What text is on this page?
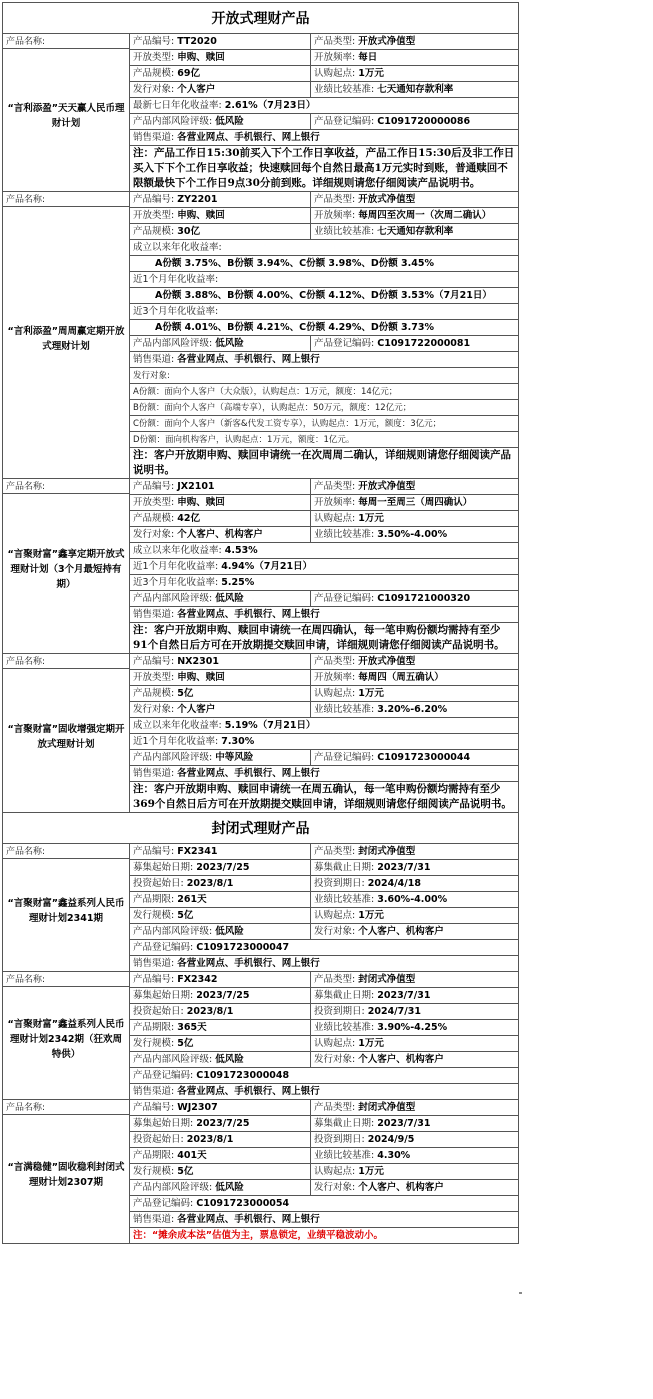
开放式理财产品		

产品名称:
“言利添盈”天天赢人民币理财计划	产品编号: TT2020	产品类型: 开放式净值型
	开放类型: 申购、赎回	开放频率: 每日
	产品规模: 69亿	认购起点: 1万元
	发行对象: 个人客户	业绩比较基准: 七天通知存款利率
	最新七日年化收益率: 2.61%（7月23日）	
	产品内部风险评级: 低风险	产品登记编码: C1091720000086
	销售渠道: 各营业网点、手机银行、网上银行	
	注：产品工作日15:30前买入下个工作日享收益，产品工作日15:30后及非工作日买入下下个工作日享收益；快速赎回每个自然日最高1万元实时到账，普通赎回不限额最快下个工作日9点30分前到账。详细规则请您仔细阅读产品说明书。	

产品名称:
“言利添盈”周周赢定期开放式理财计划	产品编号: ZY2201	产品类型: 开放式净值型
	开放类型: 申购、赎回	开放频率: 每周四至次周一（次周二确认）
	产品规模: 30亿	业绩比较基准: 七天通知存款利率
	成立以来年化收益率:	
	A份额 3.75%、B份额 3.94%、C份额 3.98%、D份额 3.45%	
	近1个月年化收益率:	
	A份额 3.88%、B份额 4.00%、C份额 4.12%、D份额 3.53%（7月21日）	
	近3个月年化收益率:	
	A份额 4.01%、B份额 4.21%、C份额 4.29%、D份额 3.73%	
	产品内部风险评级: 低风险	产品登记编码: C1091722000081
	销售渠道: 各营业网点、手机银行、网上银行	
	发行对象:	
	A份额：面向个人客户（大众版），认购起点：1万元，额度：14亿元；	
	B份额：面向个人客户（高端专享），认购起点：50万元，额度：12亿元；	
	C份额：面向个人客户（新客&代发工资专享），认购起点：1万元，额度：3亿元；	
	D份额：面向机构客户，认购起点：1万元，额度：1亿元。	
	注：客户开放期申购、赎回申请统一在次周周二确认，详细规则请您仔细阅读产品说明书。	

产品名称:
“言聚财富”鑫享定期开放式理财计划（3个月最短持有期）	产品编号: JX2101	产品类型: 开放式净值型
	开放类型: 申购、赎回	开放频率: 每周一至周三（周四确认）
	产品规模: 42亿	认购起点: 1万元
	发行对象: 个人客户、机构客户	业绩比较基准: 3.50%-4.00%
	成立以来年化收益率: 4.53%	
	近1个月年化收益率: 4.94%（7月21日）	
	近3个月年化收益率: 5.25%	
	产品内部风险评级: 低风险	产品登记编码: C1091721000320
	销售渠道: 各营业网点、手机银行、网上银行	
	注：客户开放期申购、赎回申请统一在周四确认，每一笔申购份额均需持有至少91个自然日后方可在开放期提交赎回申请，详细规则请您仔细阅读产品说明书。	

产品名称:
“言聚财富”固收增强定期开放式理财计划	产品编号: NX2301	产品类型: 开放式净值型
	开放类型: 申购、赎回	开放频率: 每周四（周五确认）
	产品规模: 5亿	认购起点: 1万元
	发行对象: 个人客户	业绩比较基准: 3.20%-6.20%
	成立以来年化收益率: 5.19%（7月21日）	
	近1个月年化收益率: 7.30%	
	产品内部风险评级: 中等风险	产品登记编码: C1091723000044
	销售渠道: 各营业网点、手机银行、网上银行	
	注：客户开放期申购、赎回申请统一在周五确认，每一笔申购份额均需持有至少369个自然日后方可在开放期提交赎回申请，详细规则请您仔细阅读产品说明书。	
封闭式理财产品		

产品名称:
“言聚财富”鑫益系列人民币理财计划2341期	产品编号: FX2341	产品类型: 封闭式净值型
	募集起始日期: 2023/7/25	募集截止日期: 2023/7/31
	投资起始日: 2023/8/1	投资到期日: 2024/4/18
	产品期限: 261天	业绩比较基准: 3.60%-4.00%
	发行规模: 5亿	认购起点: 1万元
	产品内部风险评级: 低风险	发行对象: 个人客户、机构客户
	产品登记编码: C1091723000047	
	销售渠道: 各营业网点、手机银行、网上银行	

产品名称:
“言聚财富”鑫益系列人民币理财计划2342期（狂欢周特供）	产品编号: FX2342	产品类型: 封闭式净值型
	募集起始日期: 2023/7/25	募集截止日期: 2023/7/31
	投资起始日: 2023/8/1	投资到期日: 2024/7/31
	产品期限: 365天	业绩比较基准: 3.90%-4.25%
	发行规模: 5亿	认购起点: 1万元
	产品内部风险评级: 低风险	发行对象: 个人客户、机构客户
	产品登记编码: C1091723000048	
	销售渠道: 各营业网点、手机银行、网上银行	

产品名称:
“言满稳健”固收稳利封闭式理财计划2307期	产品编号: WJ2307	产品类型: 封闭式净值型
	募集起始日期: 2023/7/25	募集截止日期: 2023/7/31
	投资起始日: 2023/8/1	投资到期日: 2024/9/5
	产品期限: 401天	业绩比较基准: 4.30%
	发行规模: 5亿	认购起点: 1万元
	产品内部风险评级: 低风险	发行对象: 个人客户、机构客户
	产品登记编码: C1091723000054	
	销售渠道: 各营业网点、手机银行、网上银行	
	注：“摊余成本法”估值为主，票息锁定，业绩平稳波动小。	
